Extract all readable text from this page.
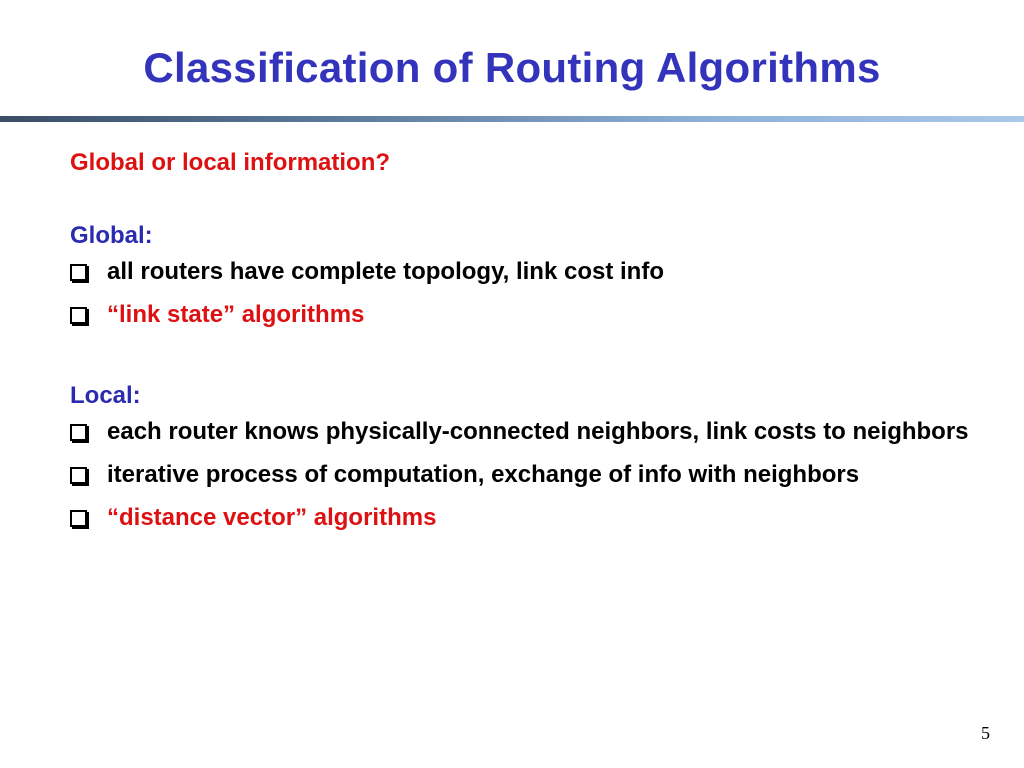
Classification of Routing Algorithms

Global or local information?

Global:

all routers have complete topology, link cost info
“link state” algorithms

Local:

each router knows physically-connected neighbors, link costs to neighbors
iterative process of computation, exchange of info with neighbors
“distance vector” algorithms
5
